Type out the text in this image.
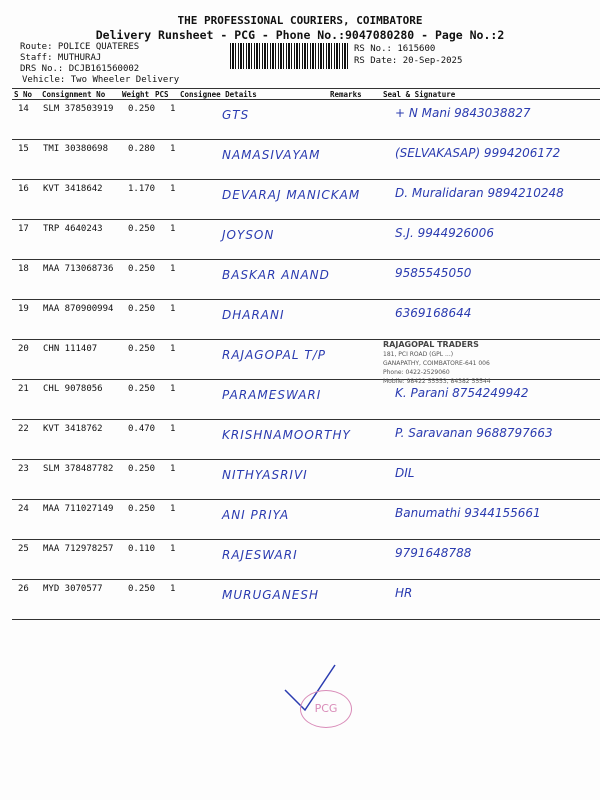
THE PROFESSIONAL COURIERS, COIMBATORE
Delivery Runsheet - PCG - Phone No.:9047080280 - Page No.:2
Route: POLICE QUATERES
Staff: MUTHURAJ
DRS No.: DCJB161560002
Vehicle: Two Wheeler Delivery
RS No.: 1615600
RS Date: 20-Sep-2025
S No Consignment No Weight PCS Consignee Details	Remarks	Seal & Signature
14 SLM 378503919 0.250 1	GTS	+ N Mani 9843038827
15 TMI 30380698 0.280 1	NAMASIVAYAM	(SELVAKASAP) 9994206172
16 KVT 3418642	1.170 1	DEVARAJ MANICKAM	D. Muralidaran 9894210248
17 TRP 4640243	0.250 1	JOYSON	S.J. 9944926006
18 MAA 713068736 0.250 1	BASKAR ANAND	9585545050
19 MAA 870900994 0.250 1	DHARANI	6369168644
20 CHN 111407	0.250 1	RAJAGOPAL T/P
21 CHL 9078056	0.250 1	PARAMESWARI	K. Parani 8754249942
22 KVT 3418762	0.470 1	KRISHNAMOORTHY	P. Saravanan 9688797663
23 SLM 378487782 0.250 1	NITHYASRIVI	DIL
24 MAA 711027149 0.250 1	ANI PRIYA	Banumathi 9344155661
25 MAA 712978257 0.110 1	RAJESWARI	9791648788
26 MYD 3070577	0.250 1	MURUGANESH	HR
RAJAGOPAL TRADERS
181, PCI ROAD (GPL ...)
GANAPATHY, COIMBATORE-641 006
Phone: 0422-2529060
Mobile: 98422 55553, 84382 55544
PCG
